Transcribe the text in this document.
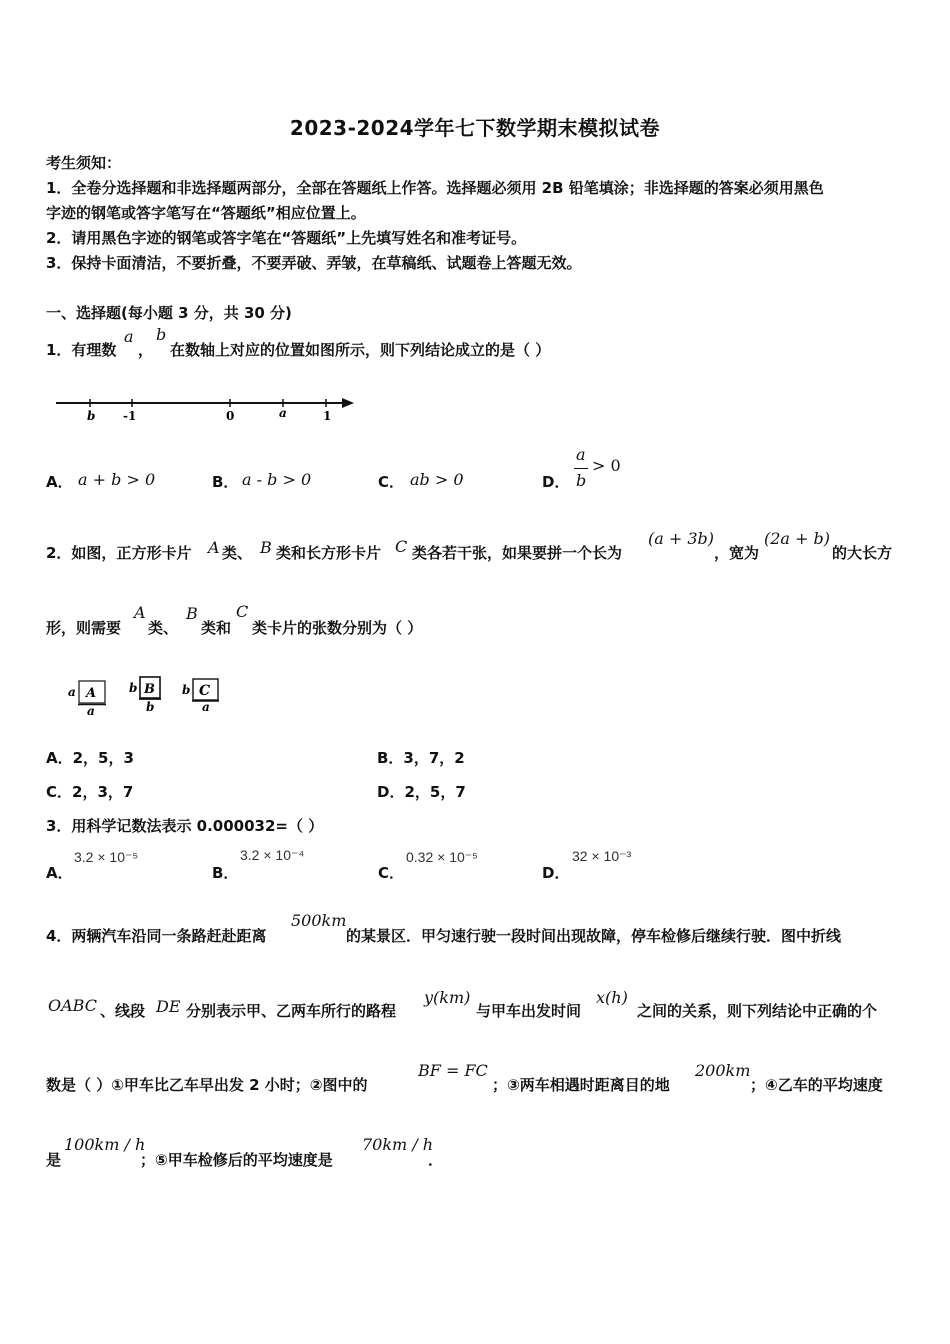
2023-2024学年七下数学期末模拟试卷
考生须知：
1．全卷分选择题和非选择题两部分，全部在答题纸上作答。选择题必须用 2B 铅笔填涂；非选择题的答案必须用黑色
字迹的钢笔或答字笔写在“答题纸”相应位置上。
2．请用黑色字迹的钢笔或答字笔在“答题纸”上先填写姓名和准考证号。
3．保持卡面清洁，不要折叠，不要弄破、弄皱，在草稿纸、试题卷上答题无效。
一、选择题(每小题 3 分，共 30 分)
1．有理数
a
，
b
在数轴上对应的位置如图所示，则下列结论成立的是（ ）
b -1	0	a	1
A． a + b > 0	B． a - b > 0	C． ab > 0	D．
a
b
> 0
2．如图，正方形卡片 A 类、 B 类和长方形卡片 C 类各若干张，如果要拼一个长为
(a + 3b)
，宽为
(2a + b)
的大长方
形，则需要
A
类、
B
类和
C
类卡片的张数分别为（ ）
a A
a
b B
b
b C
a
A．2，5，3	B．3，7，2
C．2，3，7	D．2，5，7
3．用科学记数法表示 0.000032=（ ）
A．
3.2 × 10⁻⁵
B．
3.2 × 10⁻⁴
C．
0.32 × 10⁻⁵
D．
32 × 10⁻³
4．两辆汽车沿同一条路赶赴距离
500km
的某景区．甲匀速行驶一段时间出现故障，停车检修后继续行驶．图中折线
OABC 、线段 DE 分别表示甲、乙两车所行的路程
y(km)
与甲车出发时间
x(h)
之间的关系，则下列结论中正确的个
数是（ ）①甲车比乙车早出发 2 小时；②图中的
BF = FC
；③两车相遇时距离目的地
200km
；④乙车的平均速度
是
100km / h
；⑤甲车检修后的平均速度是
70km / h
．
